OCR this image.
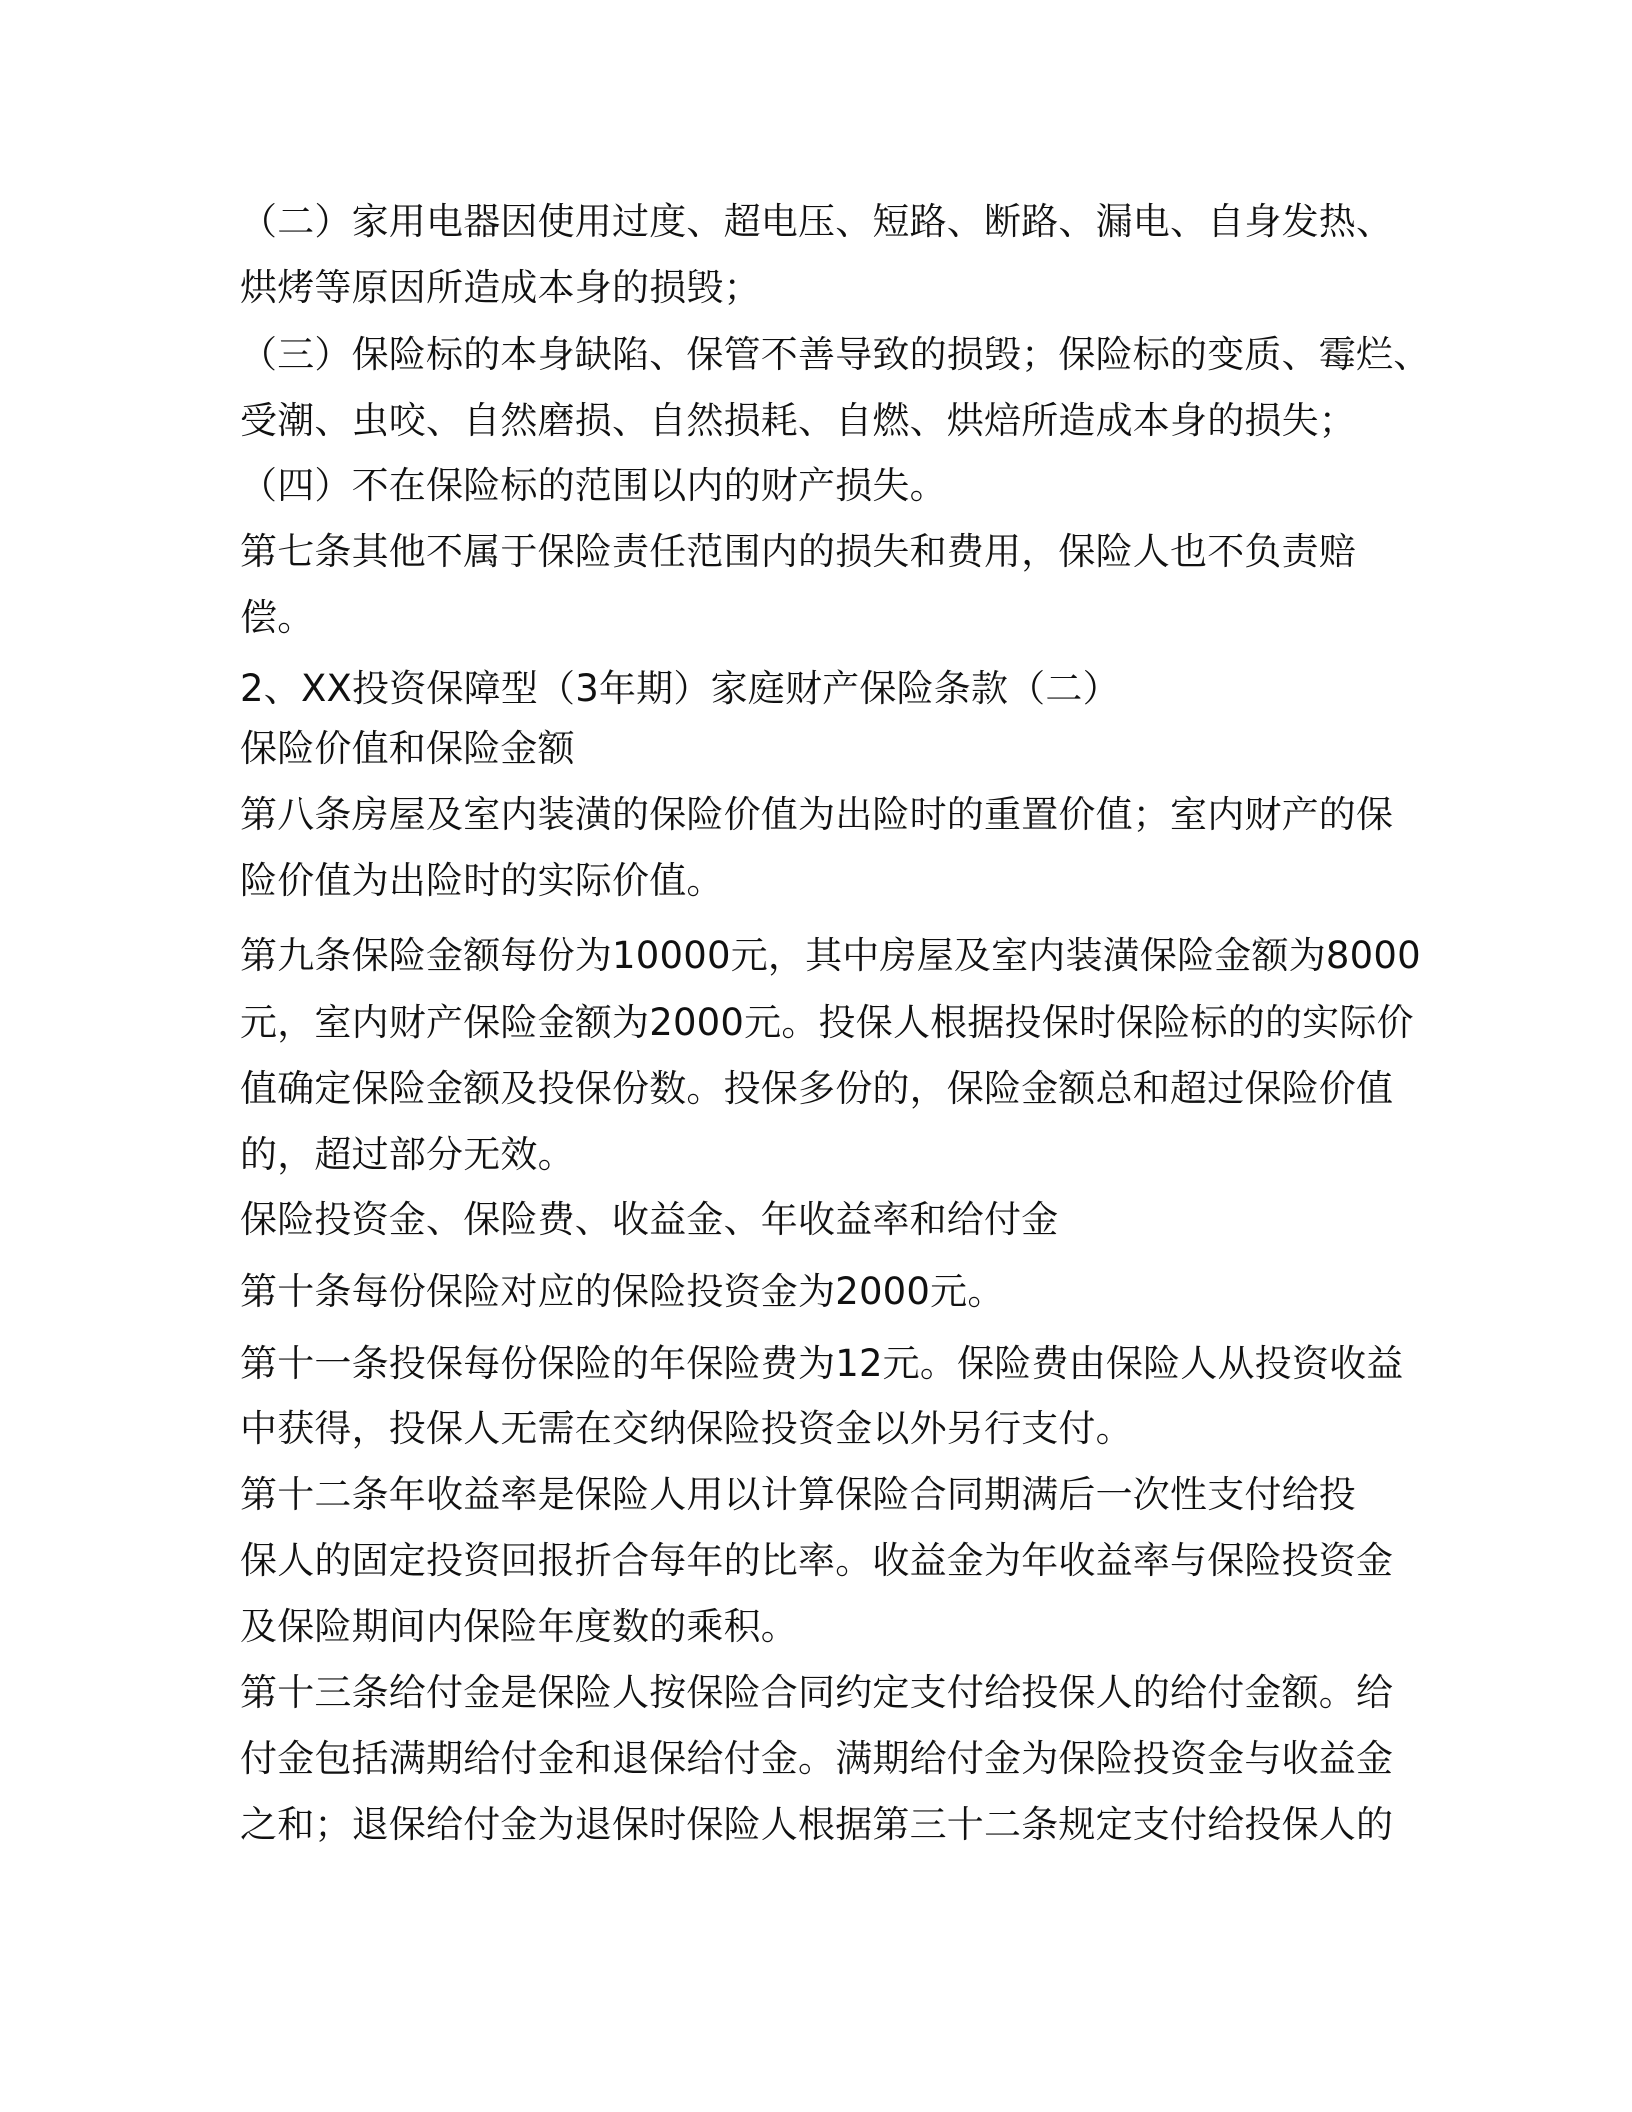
（二）家用电器因使用过度、超电压、短路、断路、漏电、自身发热、
烘烤等原因所造成本身的损毁；
（三）保险标的本身缺陷、保管不善导致的损毁；保险标的变质、霉烂、
受潮、虫咬、自然磨损、自然损耗、自燃、烘焙所造成本身的损失；
（四）不在保险标的范围以内的财产损失。
第七条其他不属于保险责任范围内的损失和费用，保险人也不负责赔
偿。
2、XX投资保障型（3年期）家庭财产保险条款（二）
保险价值和保险金额
第八条房屋及室内装潢的保险价值为出险时的重置价值；室内财产的保
险价值为出险时的实际价值。
第九条保险金额每份为10000元，其中房屋及室内装潢保险金额为8000
元，室内财产保险金额为2000元。投保人根据投保时保险标的的实际价
值确定保险金额及投保份数。投保多份的，保险金额总和超过保险价值
的，超过部分无效。
保险投资金、保险费、收益金、年收益率和给付金
第十条每份保险对应的保险投资金为2000元。
第十一条投保每份保险的年保险费为12元。保险费由保险人从投资收益
中获得，投保人无需在交纳保险投资金以外另行支付。
第十二条年收益率是保险人用以计算保险合同期满后一次性支付给投
保人的固定投资回报折合每年的比率。收益金为年收益率与保险投资金
及保险期间内保险年度数的乘积。
第十三条给付金是保险人按保险合同约定支付给投保人的给付金额。给
付金包括满期给付金和退保给付金。满期给付金为保险投资金与收益金
之和；退保给付金为退保时保险人根据第三十二条规定支付给投保人的
